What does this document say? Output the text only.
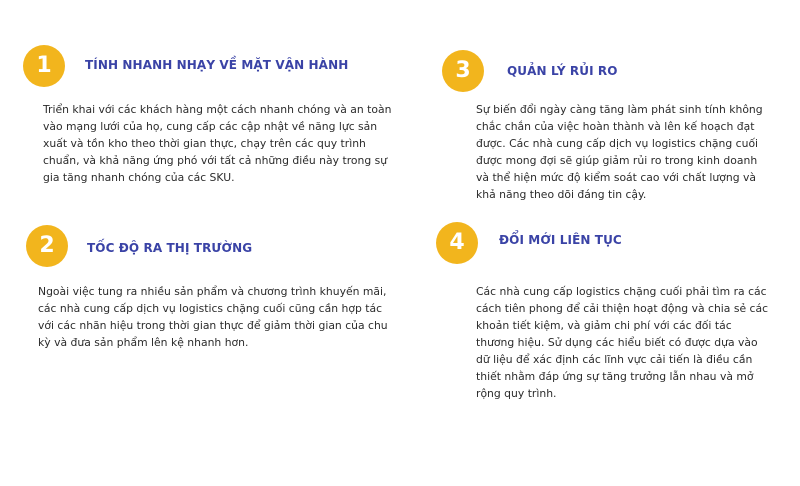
1	TÍNH NHANH NHẠY VỀ MẶT VẬN HÀNH
Triển khai với các khách hàng một cách nhanh chóng và an toàn vào mạng lưới của họ, cung cấp các cập nhật về năng lực sản xuất và tồn kho theo thời gian thực, chạy trên các quy trình chuẩn, và khả năng ứng phó với tất cả những điều này trong sự gia tăng nhanh chóng của các SKU.
2	TỐC ĐỘ RA THỊ TRƯỜNG
Ngoài việc tung ra nhiều sản phẩm và chương trình khuyến mãi, các nhà cung cấp dịch vụ logistics chặng cuối cũng cần hợp tác với các nhãn hiệu trong thời gian thực để giảm thời gian của chu kỳ và đưa sản phẩm lên kệ nhanh hơn.
3	QUẢN LÝ RỦI RO
Sự biến đổi ngày càng tăng làm phát sinh tính không chắc chắn của việc hoàn thành và lên kế hoạch đạt được. Các nhà cung cấp dịch vụ logistics chặng cuối được mong đợi sẽ giúp giảm rủi ro trong kinh doanh và thể hiện mức độ kiểm soát cao với chất lượng và khả năng theo dõi đáng tin cậy.
4	ĐỔI MỚI LIÊN TỤC
Các nhà cung cấp logistics chặng cuối phải tìm ra các cách tiên phong để cải thiện hoạt động và chia sẻ các khoản tiết kiệm, và giảm chi phí với các đối tác thương hiệu. Sử dụng các hiểu biết có được dựa vào dữ liệu để xác định các lĩnh vực cải tiến là điều cần thiết nhằm đáp ứng sự tăng trưởng lẫn nhau và mở rộng quy trình.
